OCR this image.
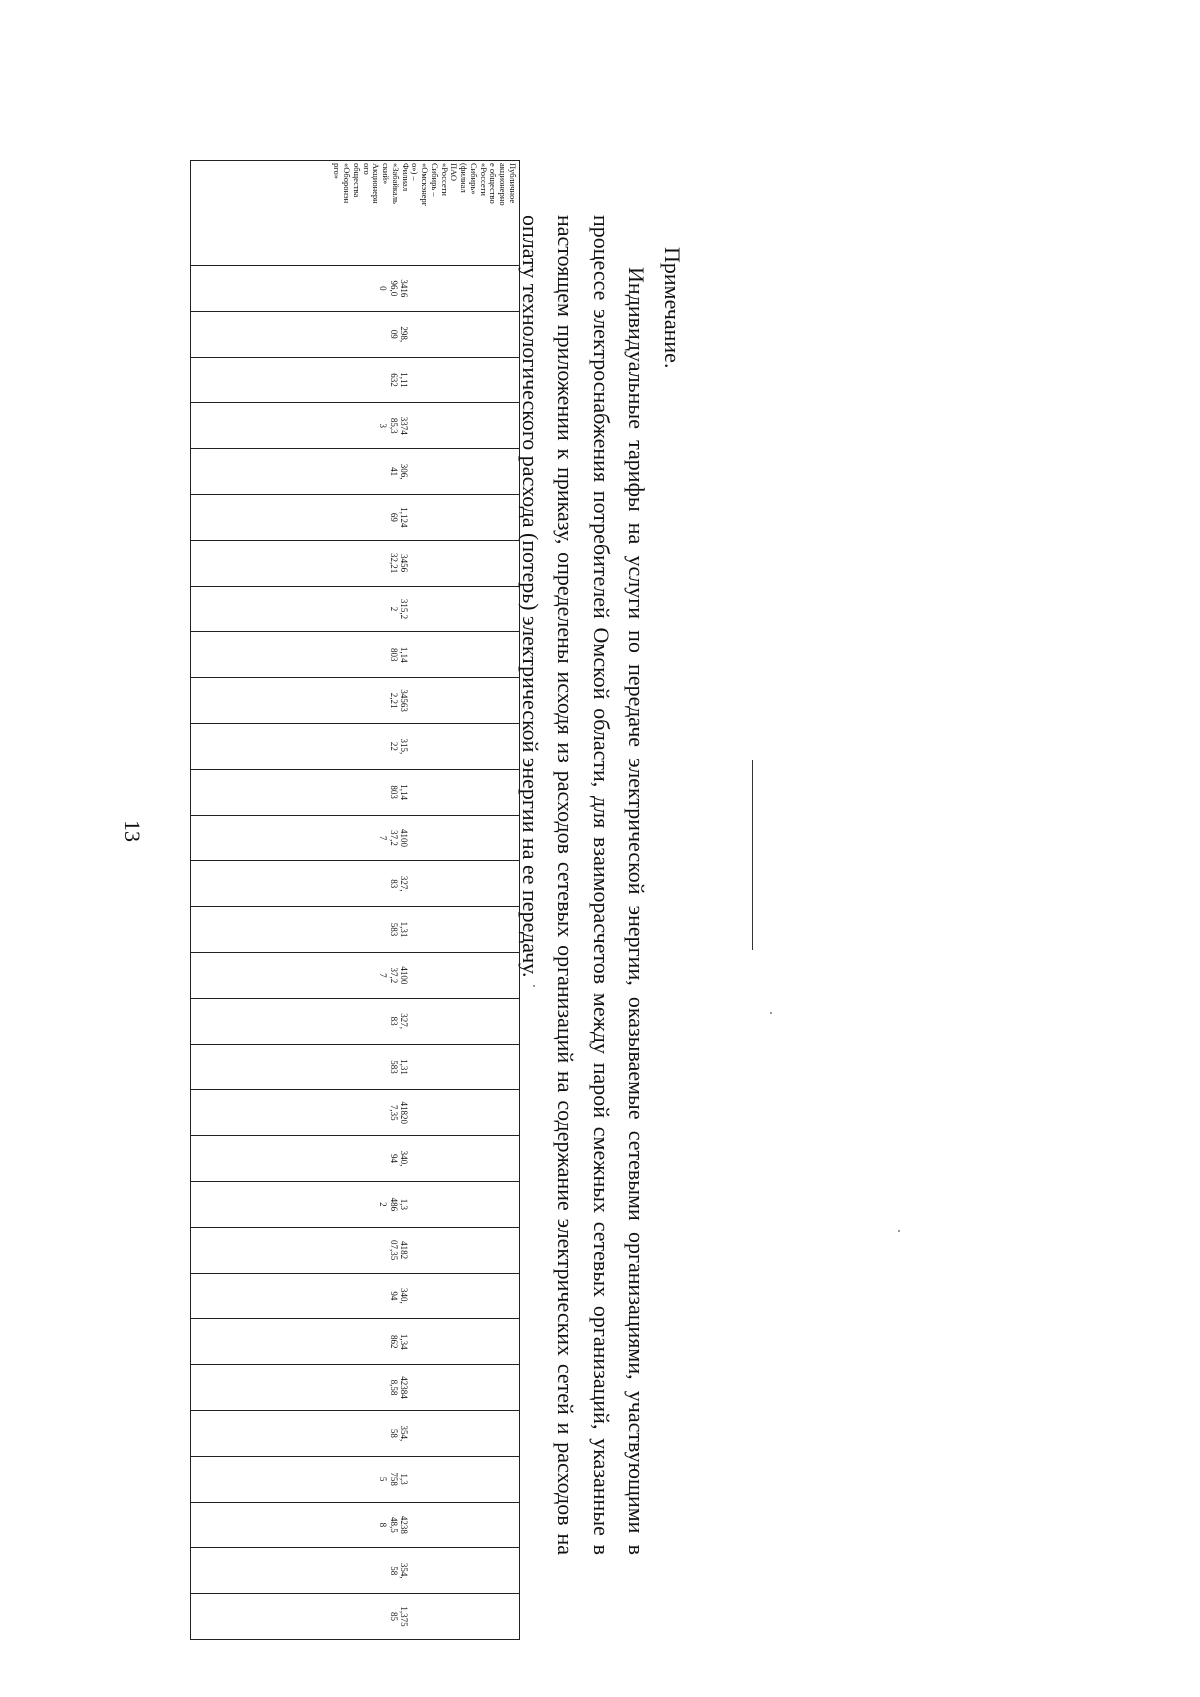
13
Публичное
акционерно
е общество
«Россети
Сибирь»
(филиал
ПАО
«Россети
Сибирь –
«Омскэнерг
о») –
Филиал
«Забайкаль
ский»
Акционерн
ого
общества
«Оборонэн
рго»

3416
96,0
0

298,
09

1,11
632

3374
85,3
3

306,
41

1,124
69

3456
32,21

315,2
2

1,14
803

34563
2,21

315,
22

1,14
803

4100
37,2
7

327,
83

1,31
583

4100
37,2
7

327,
83

1,31
583

41820
7,35

340,
94

1,3
486
2

4182
07,35

340,
94

1,34
862

42384
8,58

354,
58

1,3
758
5

4238
48,5
8

354,
58

1,375
85
Примечание.
Индивидуальные тарифы на услуги по передаче электрической энергии, оказываемые сетевыми организациями, участвующими в процессе электроснабжения потребителей Омской области, для взаиморасчетов между парой смежных сетевых организаций, указанные в настоящем приложении к приказу, определены исходя из расходов сетевых организаций на содержание электрических сетей и расходов на оплату технологического расхода (потерь) электрической энергии на ее передачу.
